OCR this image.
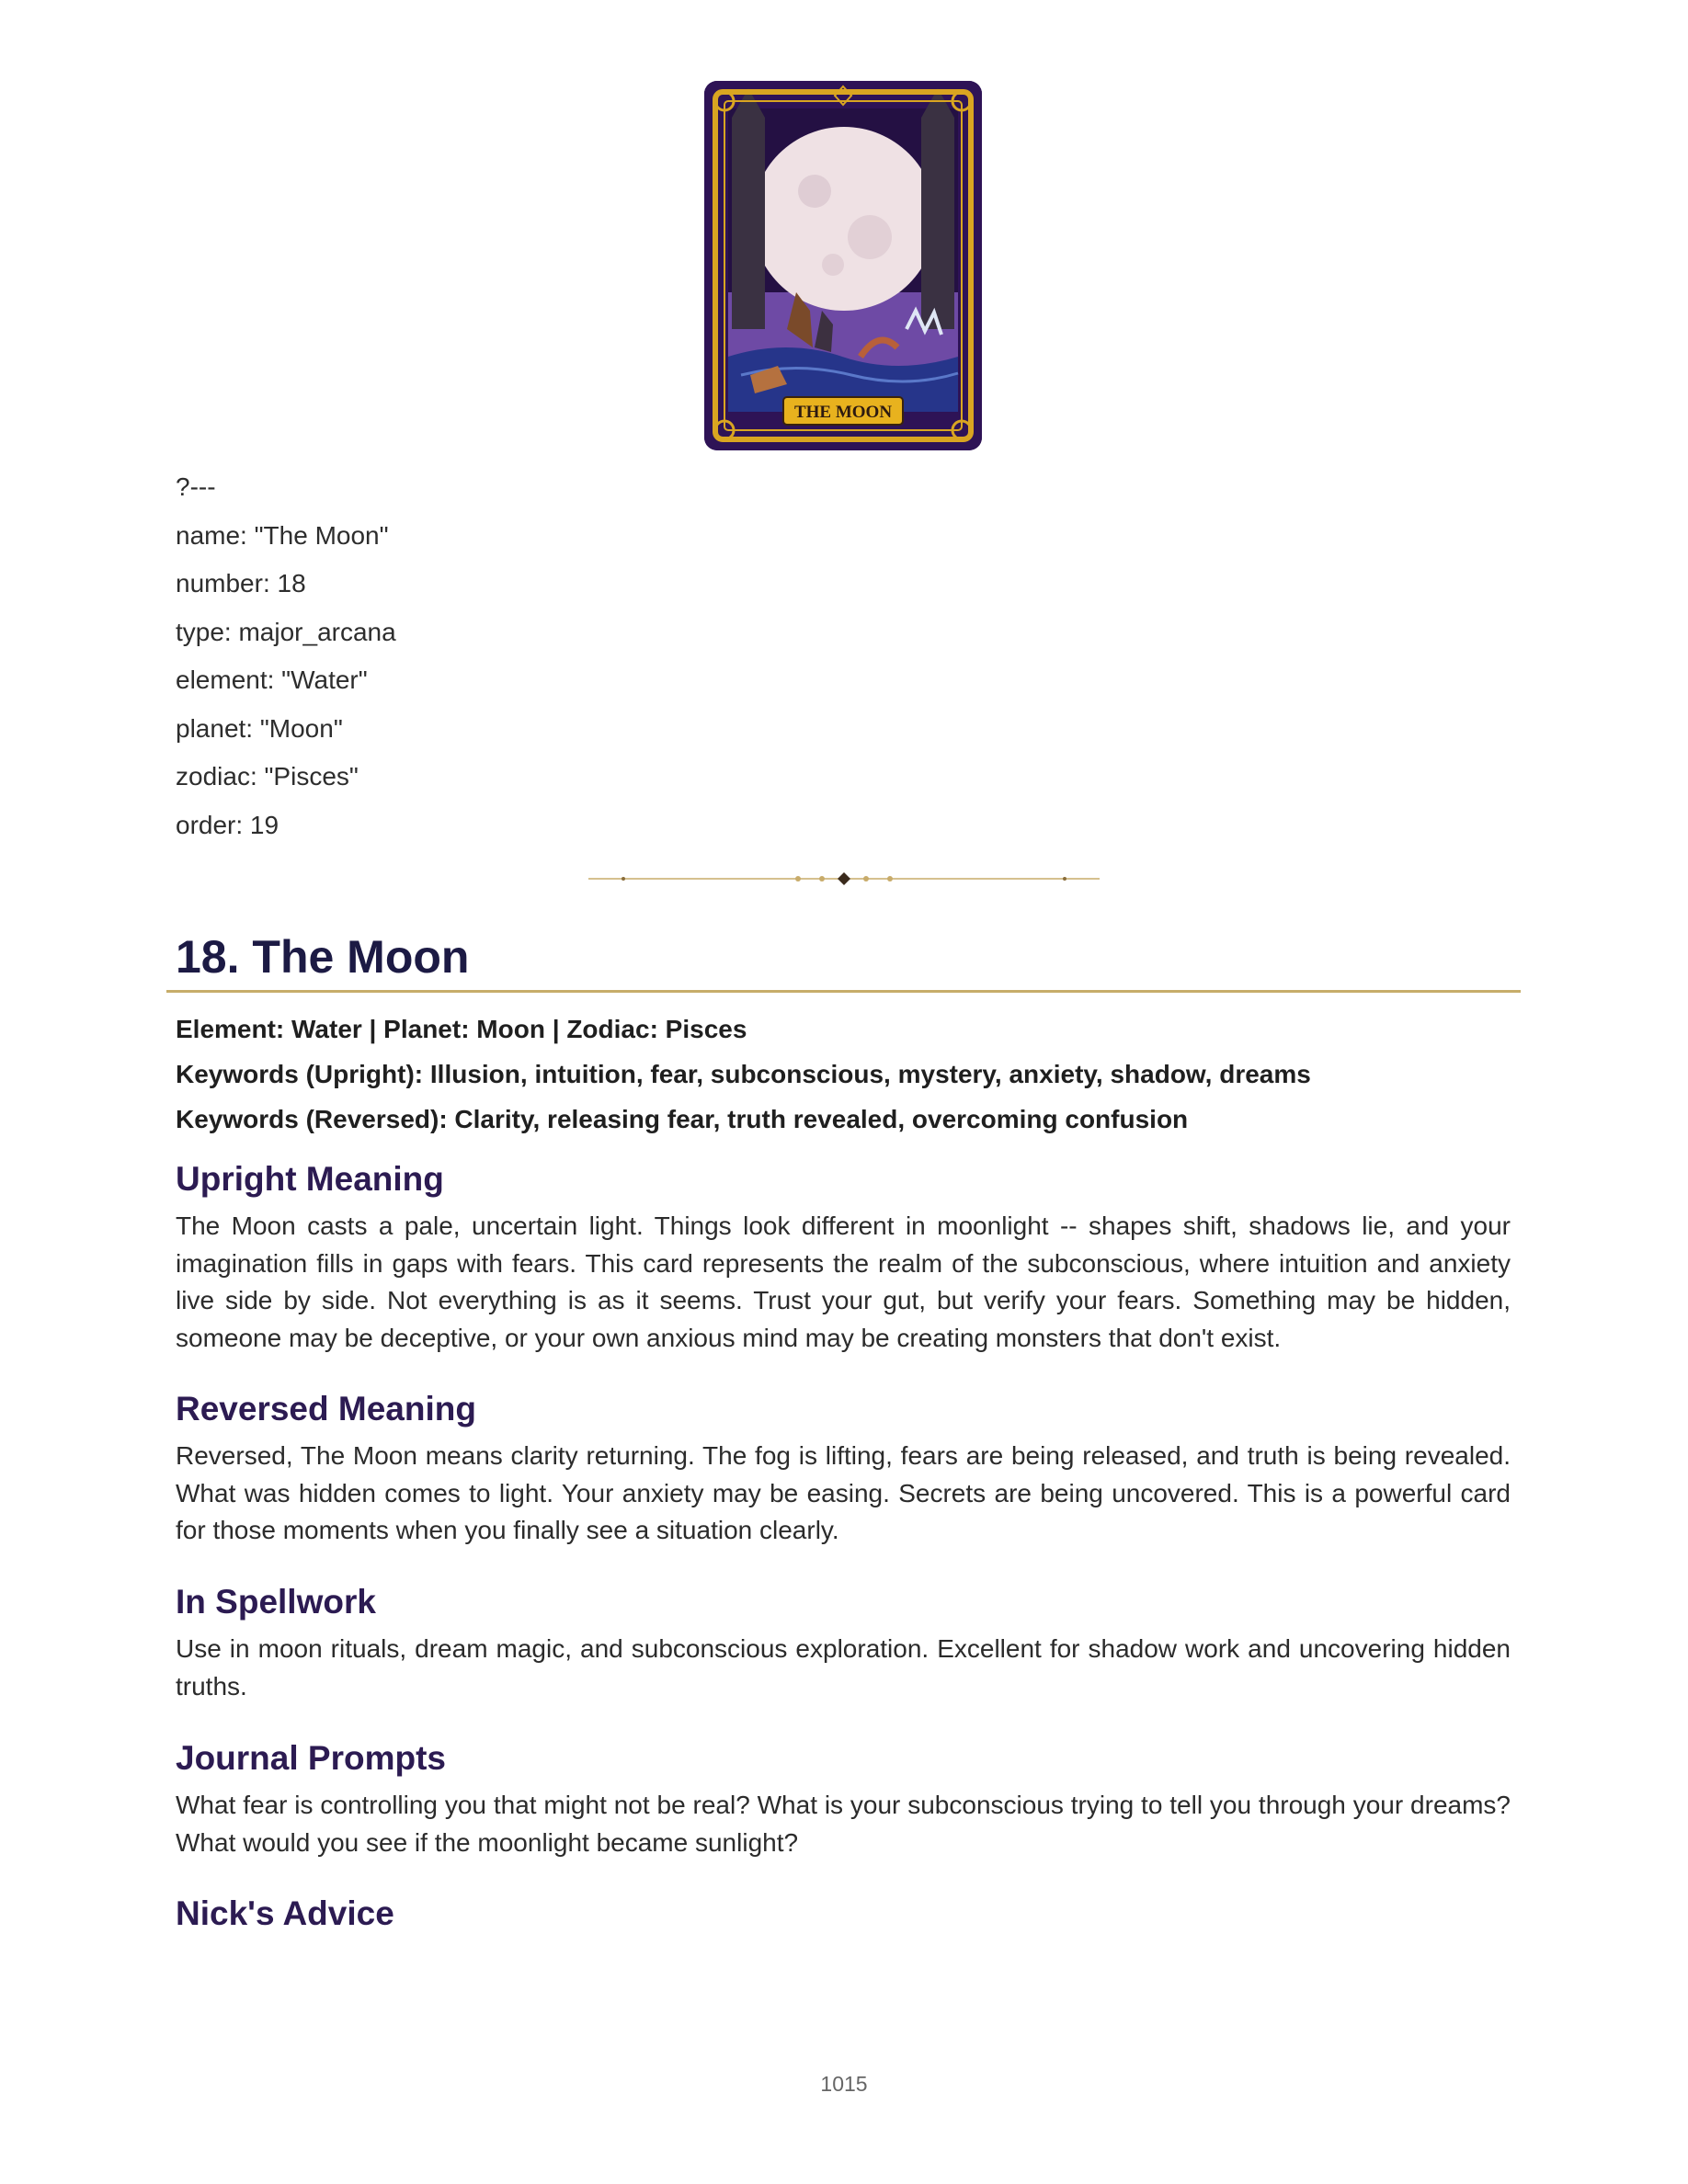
THE MOON
?---
name: "The Moon"
number: 18
type: major_arcana
element: "Water"
planet: "Moon"
zodiac: "Pisces"
order: 19
18. The Moon
Element: Water | Planet: Moon | Zodiac: Pisces
Keywords (Upright): Illusion, intuition, fear, subconscious, mystery, anxiety, shadow, dreams
Keywords (Reversed): Clarity, releasing fear, truth revealed, overcoming confusion
Upright Meaning

The Moon casts a pale, uncertain light. Things look different in moonlight -- shapes shift, shadows lie, and your imagination fills in gaps with fears. This card represents the realm of the subconscious, where intuition and anxiety live side by side. Not everything is as it seems. Trust your gut, but verify your fears. Something may be hidden, someone may be deceptive, or your own anxious mind may be creating monsters that don't exist.

Reversed Meaning

Reversed, The Moon means clarity returning. The fog is lifting, fears are being released, and truth is being revealed. What was hidden comes to light. Your anxiety may be easing. Secrets are being uncovered. This is a powerful card for those moments when you finally see a situation clearly.

In Spellwork

Use in moon rituals, dream magic, and subconscious exploration. Excellent for shadow work and uncovering hidden truths.

Journal Prompts

What fear is controlling you that might not be real? What is your subconscious trying to tell you through your dreams? What would you see if the moonlight became sunlight?

Nick's Advice
1015
